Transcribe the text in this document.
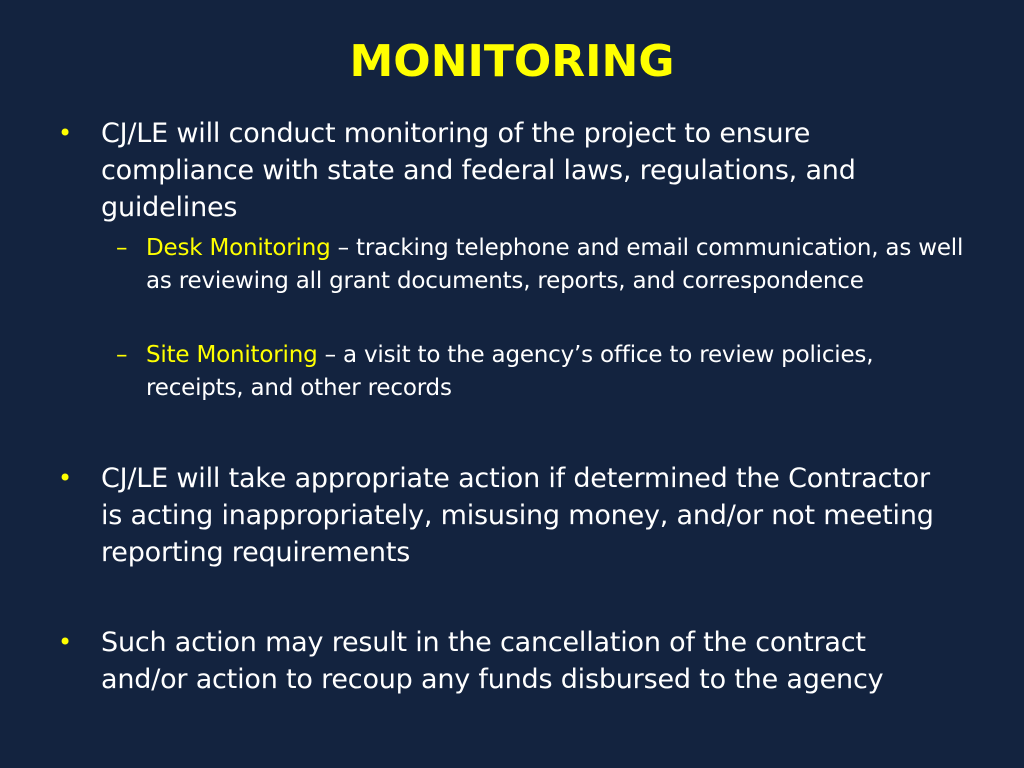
MONITORING
• CJ/LE will conduct monitoring of the project to ensure compliance with state and federal laws, regulations, and guidelines
– Desk Monitoring – tracking telephone and email communication, as well as reviewing all grant documents, reports, and correspondence
– Site Monitoring – a visit to the agency’s office to review policies, receipts, and other records
• CJ/LE will take appropriate action if determined the Contractor is acting inappropriately, misusing money, and/or not meeting reporting requirements
• Such action may result in the cancellation of the contract and/or action to recoup any funds disbursed to the agency
